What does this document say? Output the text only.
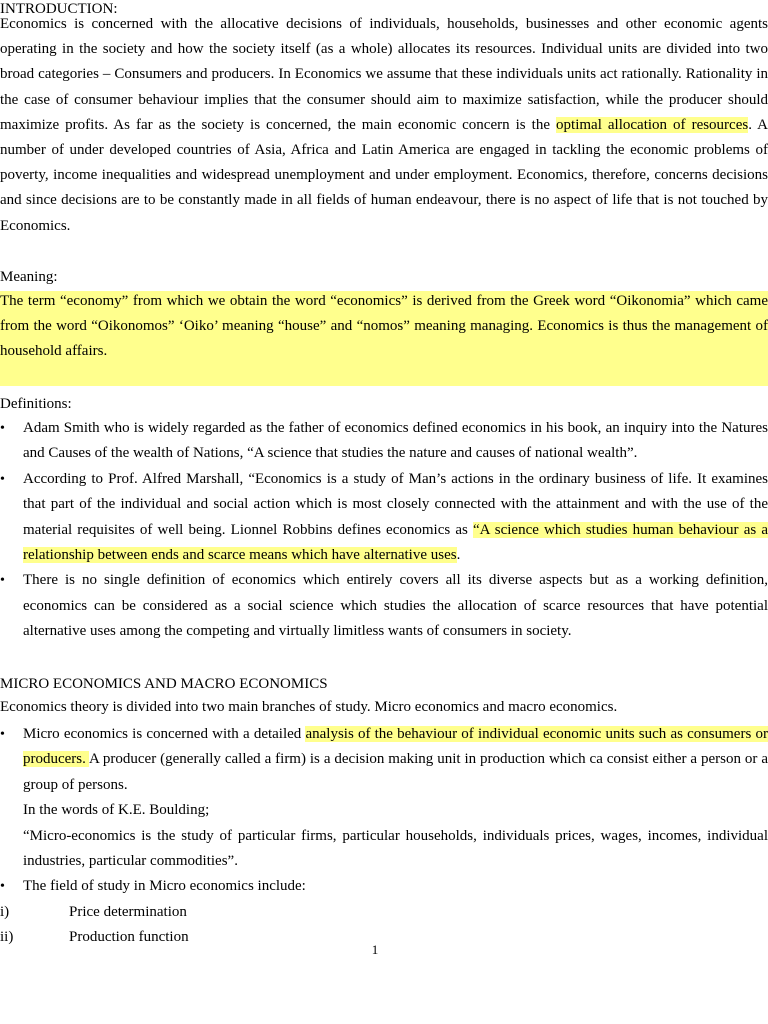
INTRODUCTION:

Economics is concerned with the allocative decisions of individuals, households, businesses and other economic agents operating in the society and how the society itself (as a whole) allocates its resources. Individual units are divided into two broad categories – Consumers and producers. In Economics we assume that these individuals units act rationally. Rationality in the case of consumer behaviour implies that the consumer should aim to maximize satisfaction, while the producer should maximize profits. As far as the society is concerned, the main economic concern is the optimal allocation of resources. A number of under developed countries of Asia, Africa and Latin America are engaged in tackling the economic problems of poverty, income inequalities and widespread unemployment and under employment. Economics, therefore, concerns decisions and since decisions are to be constantly made in all fields of human endeavour, there is no aspect of life that is not touched by Economics.

Meaning:

The term “economy” from which we obtain the word “economics” is derived from the Greek word “Oikonomia” which came from the word “Oikonomos” ‘Oiko’ meaning “house” and “nomos” meaning managing. Economics is thus the management of household affairs.

Definitions:
• Adam Smith who is widely regarded as the father of economics defined economics in his book, an inquiry into the Natures and Causes of the wealth of Nations, “A science that studies the nature and causes of national wealth”.
• According to Prof. Alfred Marshall, “Economics is a study of Man’s actions in the ordinary business of life. It examines that part of the individual and social action which is most closely connected with the attainment and with the use of the material requisites of well being. Lionnel Robbins defines economics as “A science which studies human behaviour as a relationship between ends and scarce means which have alternative uses.
• There is no single definition of economics which entirely covers all its diverse aspects but as a working definition, economics can be considered as a social science which studies the allocation of scarce resources that have potential alternative uses among the competing and virtually limitless wants of consumers in society.
MICRO ECONOMICS AND MACRO ECONOMICS

Economics theory is divided into two main branches of study. Micro economics and macro economics.

• Micro economics is concerned with a detailed analysis of the behaviour of individual economic units such as consumers or producers. A producer (generally called a firm) is a decision making unit in production which ca consist either a person or a group of persons.
In the words of K.E. Boulding;
“Micro-economics is the study of particular firms, particular households, individuals prices, wages, incomes, individual industries, particular commodities”.
• The field of study in Micro economics include:
i)	Price determination
ii)	Production function
1
